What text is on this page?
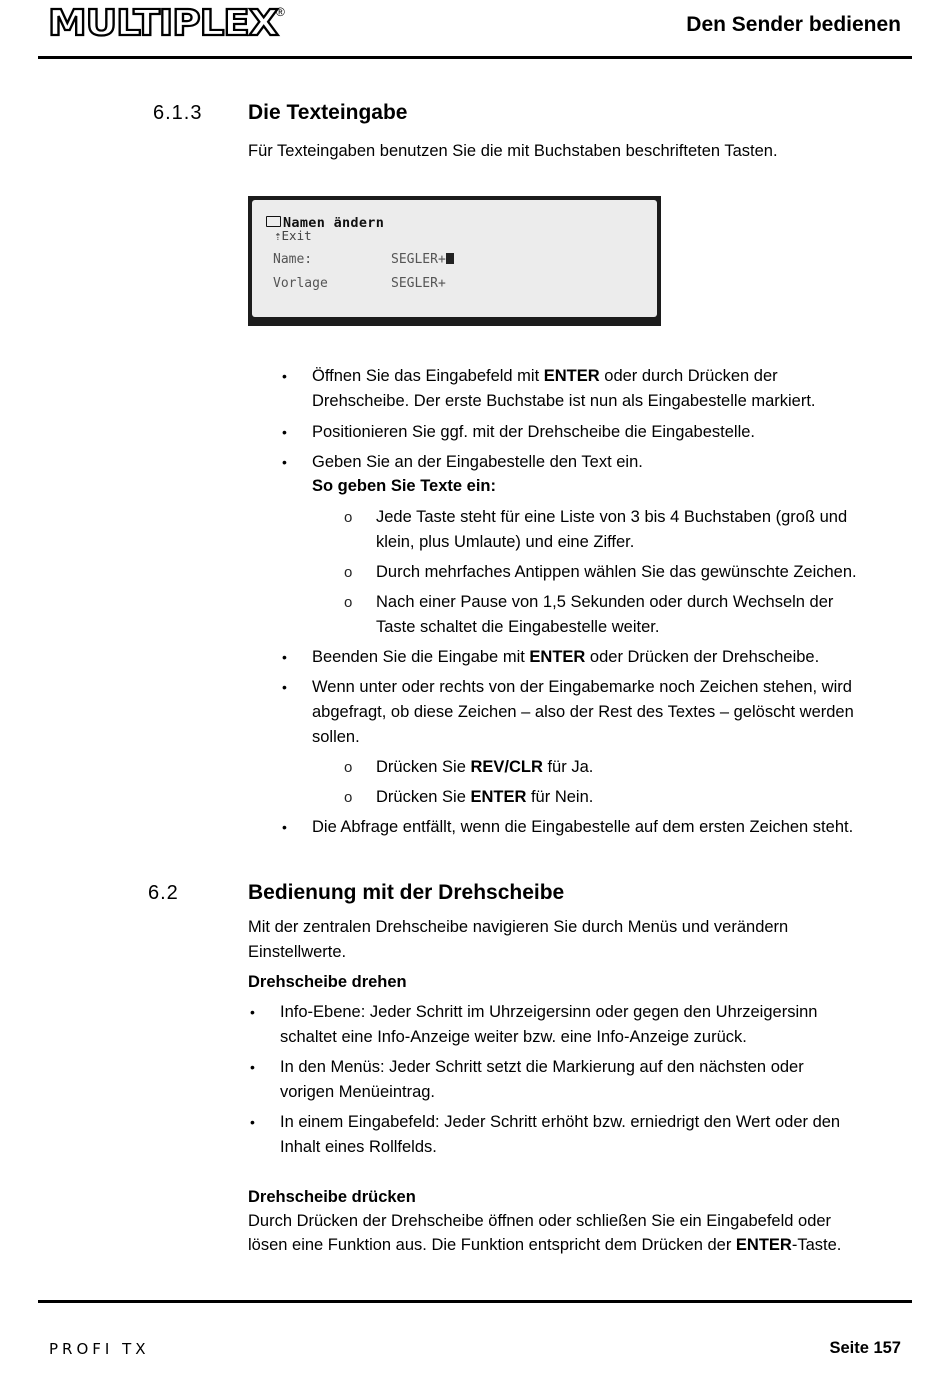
MULTIPLEX
®
Den Sender bedienen
6.1.3 Die Texteingabe
Für Texteingaben benutzen Sie die mit Buchstaben beschrifteten Tasten.
Namen ändern
⇡Exit
Name:	SEGLER+
Vorlage	SEGLER+
• Öffnen Sie das Eingabefeld mit ENTER oder durch Drücken der
Drehscheibe. Der erste Buchstabe ist nun als Eingabestelle markiert.
• Positionieren Sie ggf. mit der Drehscheibe die Eingabestelle.
• Geben Sie an der Eingabestelle den Text ein.
So geben Sie Texte ein:
o Jede Taste steht für eine Liste von 3 bis 4 Buchstaben (groß und
klein, plus Umlaute) und eine Ziffer.
o Durch mehrfaches Antippen wählen Sie das gewünschte Zeichen.
o Nach einer Pause von 1,5 Sekunden oder durch Wechseln der
Taste schaltet die Eingabestelle weiter.
• Beenden Sie die Eingabe mit ENTER oder Drücken der Drehscheibe.
• Wenn unter oder rechts von der Eingabemarke noch Zeichen stehen, wird
abgefragt, ob diese Zeichen – also der Rest des Textes – gelöscht werden
sollen.
o Drücken Sie REV/CLR für Ja.
o Drücken Sie ENTER für Nein.
• Die Abfrage entfällt, wenn die Eingabestelle auf dem ersten Zeichen steht.
6.2	Bedienung mit der Drehscheibe
Mit der zentralen Drehscheibe navigieren Sie durch Menüs und verändern
Einstellwerte.
Drehscheibe drehen
• Info-Ebene: Jeder Schritt im Uhrzeigersinn oder gegen den Uhrzeigersinn
schaltet eine Info-Anzeige weiter bzw. eine Info-Anzeige zurück.
• In den Menüs: Jeder Schritt setzt die Markierung auf den nächsten oder
vorigen Menüeintrag.
• In einem Eingabefeld: Jeder Schritt erhöht bzw. erniedrigt den Wert oder den
Inhalt eines Rollfelds.
Drehscheibe drücken
Durch Drücken der Drehscheibe öffnen oder schließen Sie ein Eingabefeld oder
lösen eine Funktion aus. Die Funktion entspricht dem Drücken der ENTER-Taste.
PROFI TX	Seite 157
